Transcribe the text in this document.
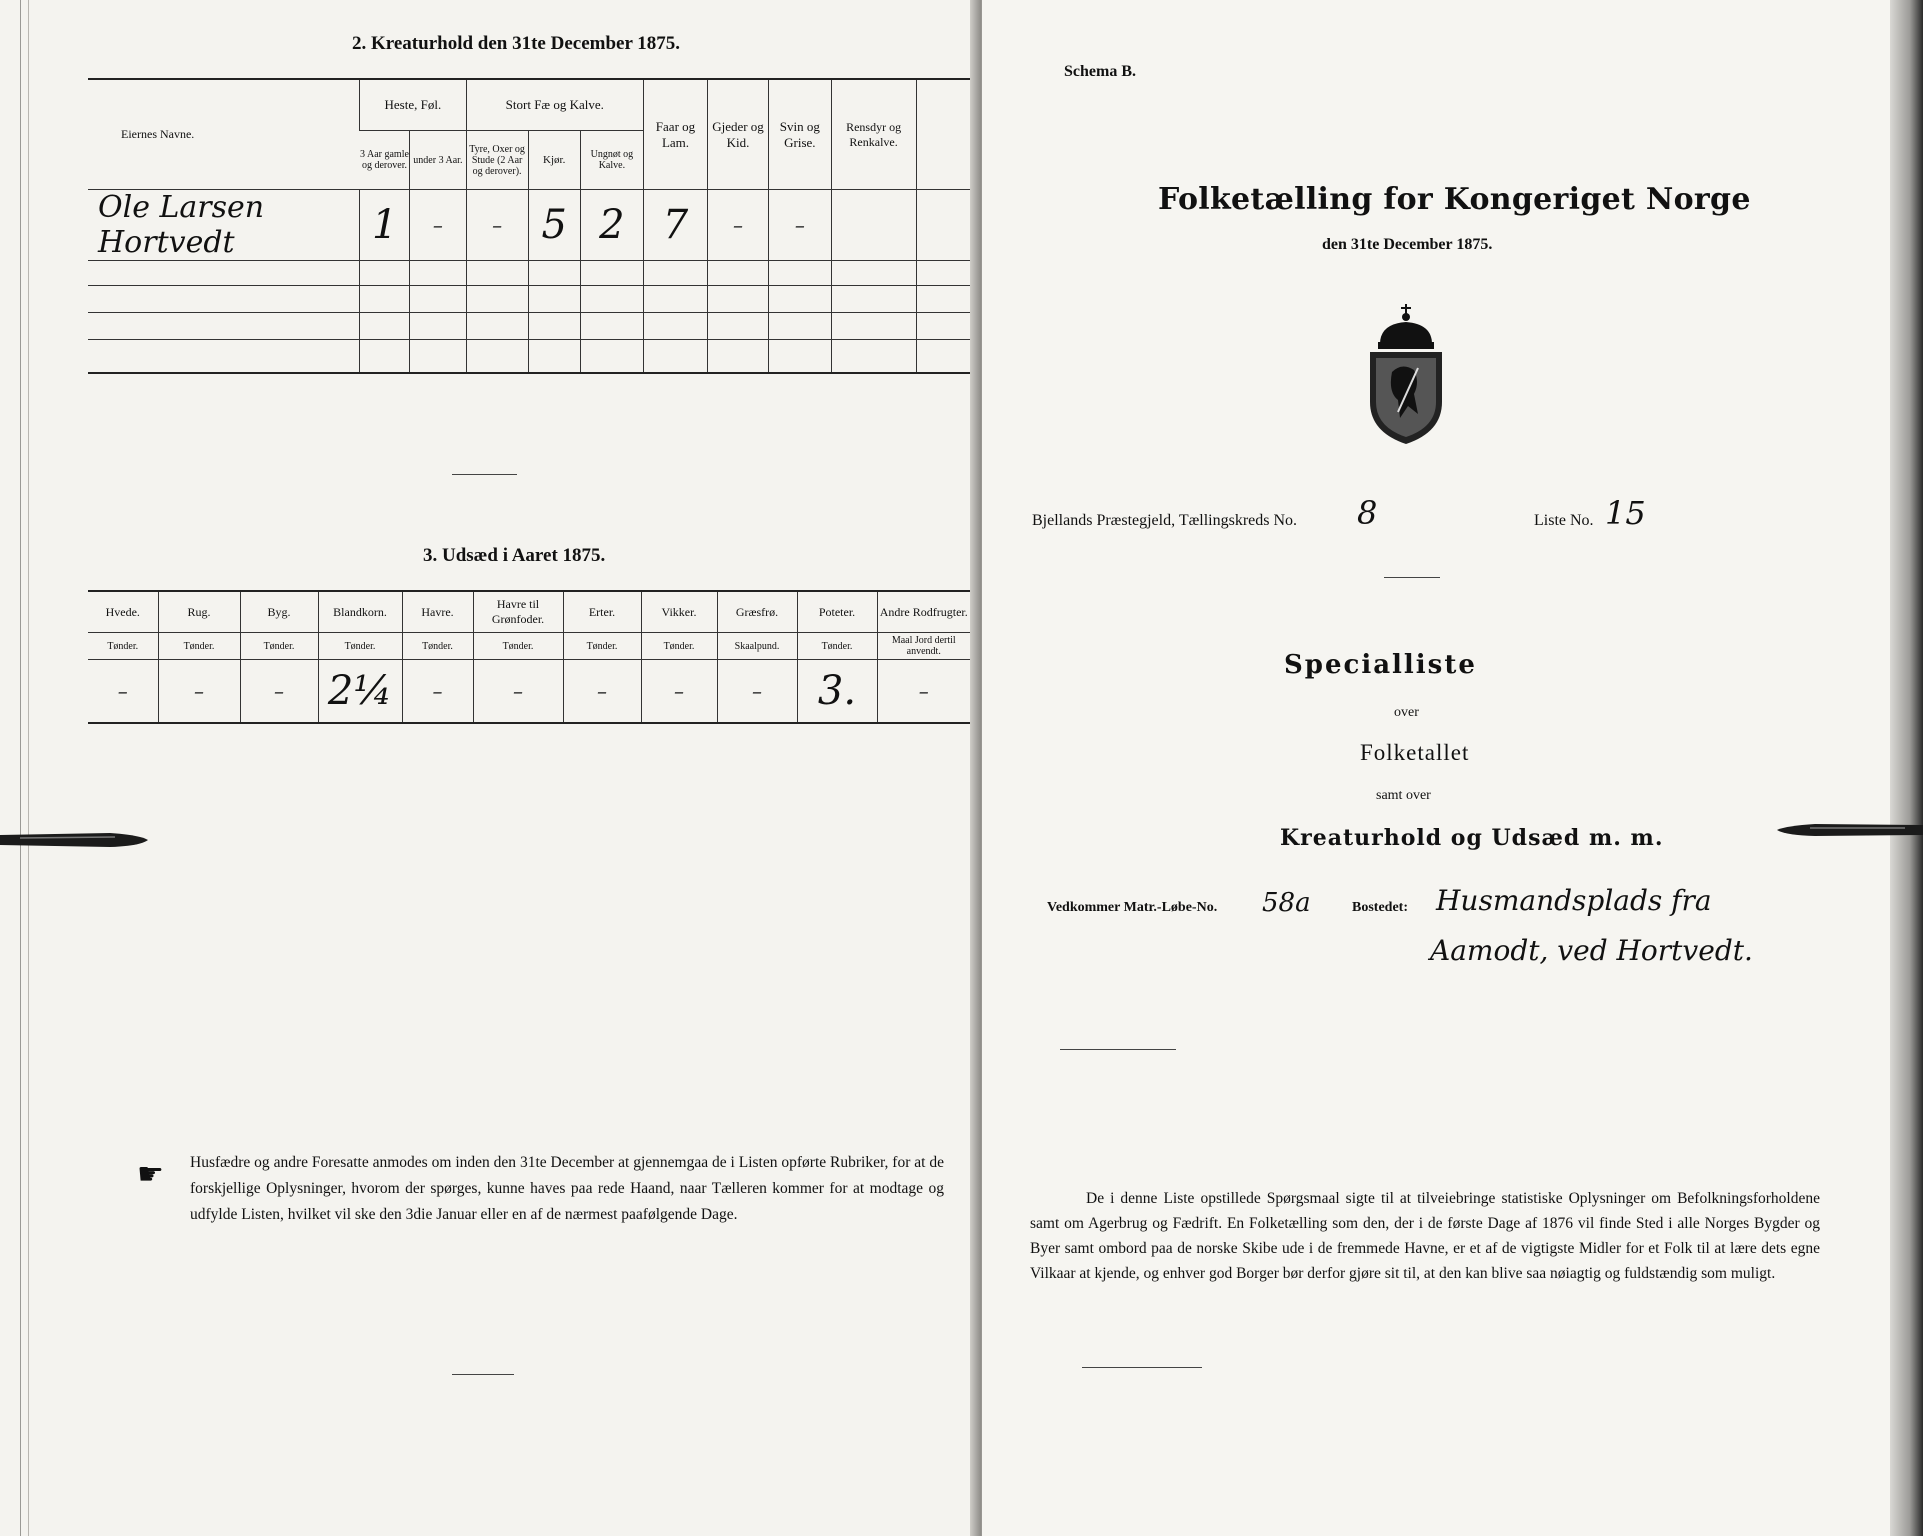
2. Kreaturhold den 31te December 1875.
Eiernes Navne.	Heste, Føl.		Stort Fæ og Kalve.			Faar og Lam.	Gjeder og Kid.	Svin og Grise.	Rensdyr og Renkalve.	
	3 Aar gamle og derover.	under 3 Aar.	Tyre, Oxer og Stude (2 Aar og derover).	Kjør.	Ungnøt og Kalve.					
Ole Larsen Hortvedt	1	–	–	5	2	7	–	–		

3. Udsæd i Aaret 1875.
Hvede.	Rug.	Byg.	Blandkorn.	Havre.	Havre til Grønfoder.	Erter.	Vikker.	Græsfrø.	Poteter.	Andre Rodfrugter.
Tønder.	Tønder.	Tønder.	Tønder.	Tønder.	Tønder.	Tønder.	Tønder.	Skaalpund.	Tønder.	Maal Jord dertil anvendt.
–	–	–	2¼	–	–	–	–	–	3.	–
☛ Husfædre og andre Foresatte anmodes om inden den 31te December at gjennemgaa de i Listen opførte Rubriker, for at de forskjellige Oplysninger, hvorom der spørges, kunne haves paa rede Haand, naar Tælleren kommer for at modtage og udfylde Listen, hvilket vil ske den 3die Januar eller en af de nærmest paafølgende Dage.
Schema B.
Folketælling for Kongeriget Norge
den 31te December 1875.
Bjellands Præstegjeld, Tællingskreds No. 8	Liste No. 15
Specialliste
over
Folketallet
samt over
Kreaturhold og Udsæd m. m.
Vedkommer Matr.-Løbe-No. 58a	Bostedet: Husmandsplads fra
Aamodt, ved Hortvedt.
De i denne Liste opstillede Spørgsmaal sigte til at tilveiebringe statistiske Oplysninger om Befolkningsforholdene samt om Agerbrug og Fædrift. En Folketælling som den, der i de første Dage af 1876 vil finde Sted i alle Norges Bygder og Byer samt ombord paa de norske Skibe ude i de fremmede Havne, er et af de vigtigste Midler for et Folk til at lære dets egne Vilkaar at kjende, og enhver god Borger bør derfor gjøre sit til, at den kan blive saa nøiagtig og fuldstændig som muligt.
